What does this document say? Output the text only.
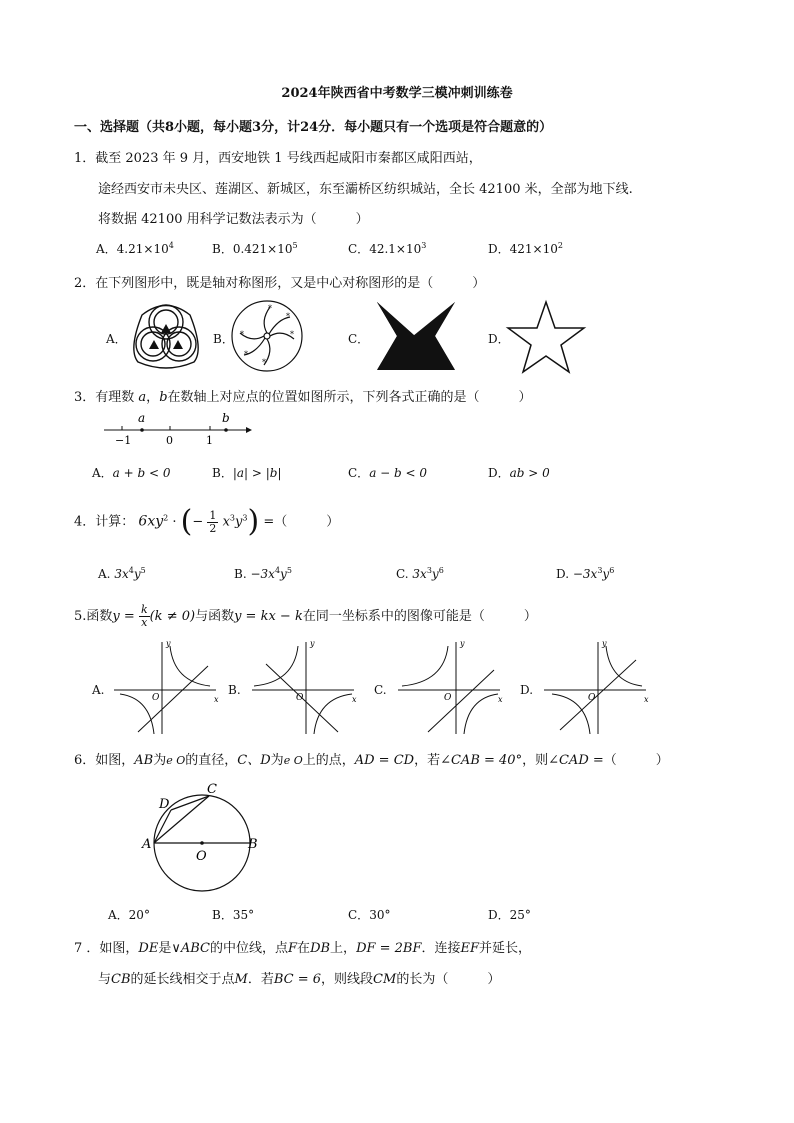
2024年陕西省中考数学三模冲刺训练卷
一、选择题（共8小题，每小题3分，计24分．每小题只有一个选项是符合题意的）
1．截至 2023 年 9 月，西安地铁 1 号线西起咸阳市秦都区咸阳西站，
途经西安市未央区、莲湖区、新城区，东至灞桥区纺织城站，全长 42100 米，全部为地下线.
将数据 42100 用科学记数法表示为（　　　）
A．$4.21\times 10^4$	B．$0.421\times 10^5$	C．$42.1\times 10^3$	D．$421\times 10^2$
2．在下列图形中，既是轴对称图形，又是中心对称图形的是（　　　）
A．	B．	C．	D．
*
*
*
*
*
*
3．有理数 a，b在数轴上对应点的位置如图所示，下列各式正确的是（　　　）
a	b
−1	0	1
A．a + b < 0	B．|a| > |b|	C．a − b < 0	D．ab > 0
4．计算： $6xy^2$ · (− $\frac{1}{2} x^3y^3$) =（　　　）
A. $3x^4y^5$	B. $-3x^4y^5$	C. $3x^3y^6$	D. $-3x^3y^6$
5.函数$y = \frac{k}{x} (k \ne 0)$与函数y = kx − k在同一坐标系中的图像可能是（　　　）
A.	B.	C.	D.
x
y
O	x
y
O	x
y
O	x
y
O
6．如图，AB为e O的直径，C、D为e O上的点，AD = CD，若∠CAB = 40°，则∠CAD =（　　　）
A	B
C
D
O
A．20°	B．35°	C．30°	D．25°
7 ．如图，DE是∨ABC的中位线，点F在DB上，DF = 2BF．连接EF并延长，
与CB的延长线相交于点M．若BC = 6，则线段CM的长为（　　　）
